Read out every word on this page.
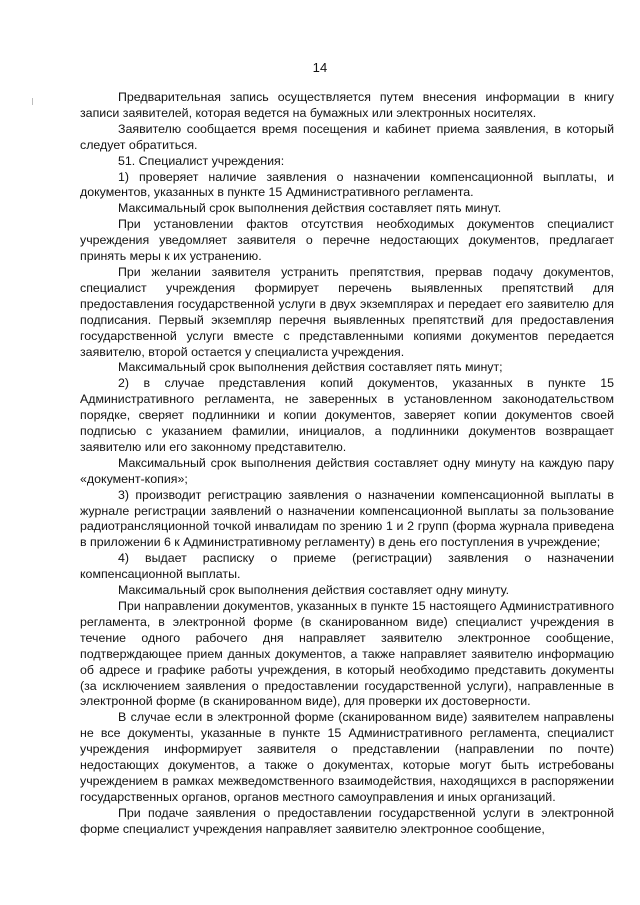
14

Предварительная запись осуществляется путем внесения информации в книгу записи заявителей, которая ведется на бумажных или электронных носителях.

Заявителю сообщается время посещения и кабинет приема заявления, в который следует обратиться.

51. Специалист учреждения:

1) проверяет наличие заявления о назначении компенсационной выплаты, и документов, указанных в пункте 15 Административного регламента.

Максимальный срок выполнения действия составляет пять минут.

При установлении фактов отсутствия необходимых документов специалист учреждения уведомляет заявителя о перечне недостающих документов, предлагает принять меры к их устранению.

При желании заявителя устранить препятствия, прервав подачу документов, специалист учреждения формирует перечень выявленных препятствий для предоставления государственной услуги в двух экземплярах и передает его заявителю для подписания. Первый экземпляр перечня выявленных препятствий для предоставления государственной услуги вместе с представленными копиями документов передается заявителю, второй остается у специалиста учреждения.

Максимальный срок выполнения действия составляет пять минут;

2) в случае представления копий документов, указанных в пункте 15 Административного регламента, не заверенных в установленном законодательством порядке, сверяет подлинники и копии документов, заверяет копии документов своей подписью с указанием фамилии, инициалов, а подлинники документов возвращает заявителю или его законному представителю.

Максимальный срок выполнения действия составляет одну минуту на каждую пару «документ-копия»;

3) производит регистрацию заявления о назначении компенсационной выплаты в журнале регистрации заявлений о назначении компенсационной выплаты за пользование радиотрансляционной точкой инвалидам по зрению 1 и 2 групп (форма журнала приведена в приложении 6 к Административному регламенту) в день его поступления в учреждение;

4) выдает расписку о приеме (регистрации) заявления о назначении компенсационной выплаты.

Максимальный срок выполнения действия составляет одну минуту.

При направлении документов, указанных в пункте 15 настоящего Административного регламента, в электронной форме (в сканированном виде) специалист учреждения в течение одного рабочего дня направляет заявителю электронное сообщение, подтверждающее прием данных документов, а также направляет заявителю информацию об адресе и графике работы учреждения, в который необходимо представить документы (за исключением заявления о предоставлении государственной услуги), направленные в электронной форме (в сканированном виде), для проверки их достоверности.

В случае если в электронной форме (сканированном виде) заявителем направлены не все документы, указанные в пункте 15 Административного регламента, специалист учреждения информирует заявителя о представлении (направлении по почте) недостающих документов, а также о документах, которые могут быть истребованы учреждением в рамках межведомственного взаимодействия, находящихся в распоряжении государственных органов, органов местного самоуправления и иных организаций.

При подаче заявления о предоставлении государственной услуги в электронной форме специалист учреждения направляет заявителю электронное сообщение,
